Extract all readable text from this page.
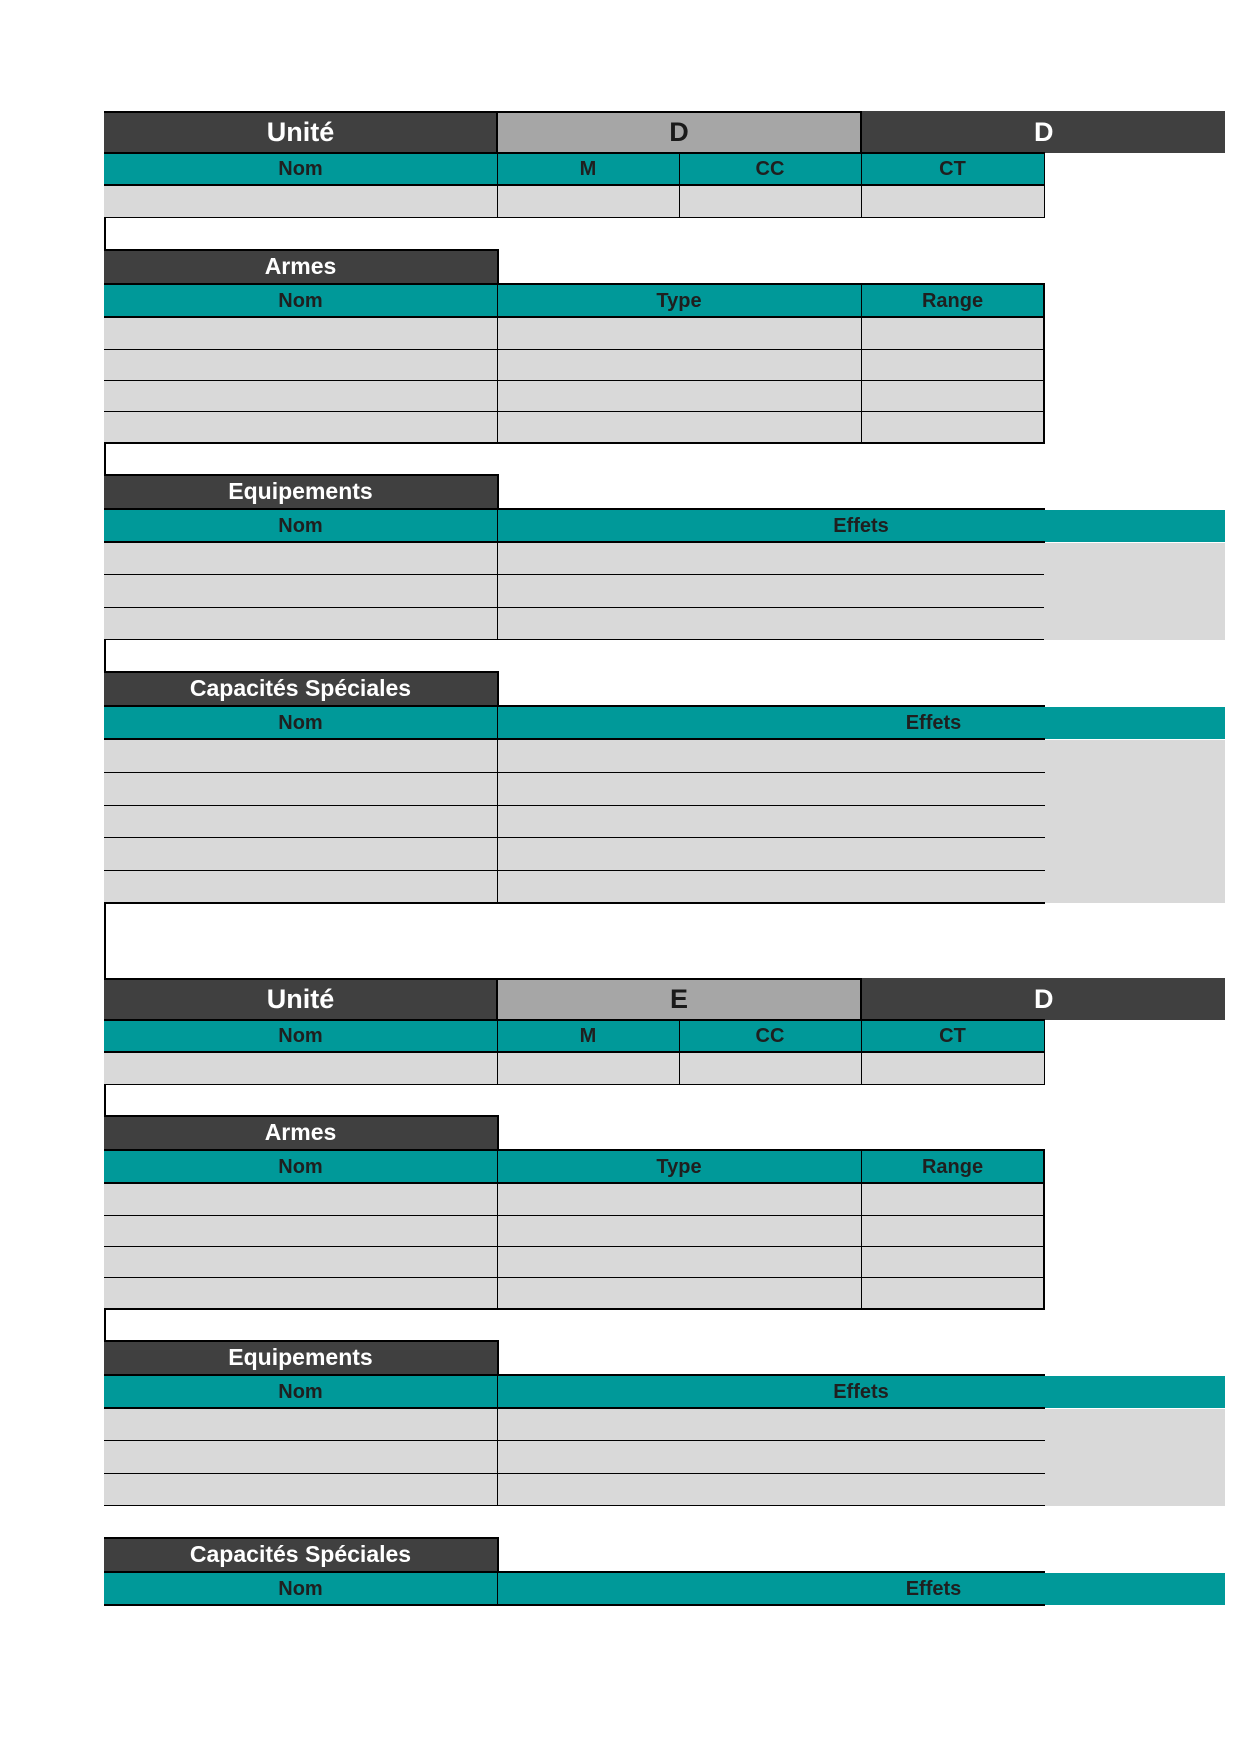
Unité	D	D
Nom	M	CC	CT
Armes
Nom	Type	Range
Equipements
Nom	Effets
Capacités Spéciales
Nom	Effets
Unité	E	D
Nom	M	CC	CT
Armes
Nom	Type	Range
Equipements
Nom	Effets
Capacités Spéciales
Nom	Effets
